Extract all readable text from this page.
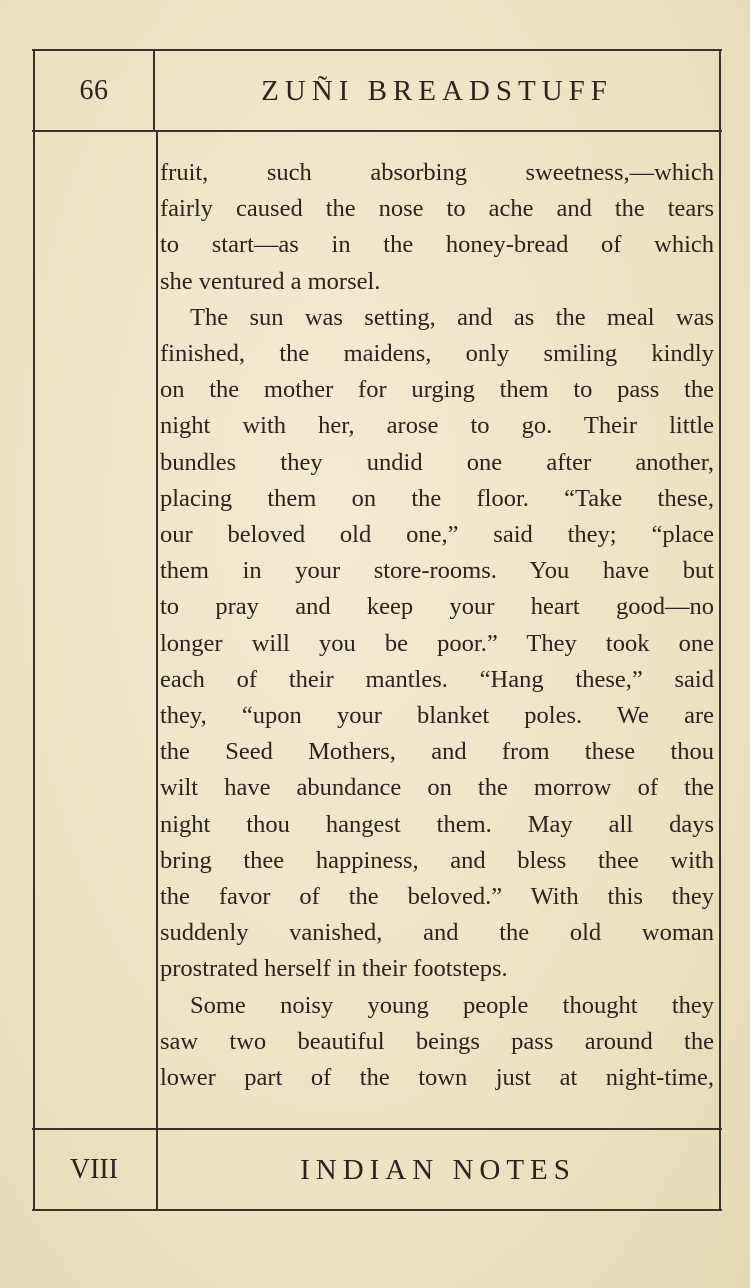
66	ZUÑI BREADSTUFF

fruit, such absorbing sweetness,—which

fairly caused the nose to ache and the tears

to start—as in the honey-bread of which

she ventured a morsel.

The sun was setting, and as the meal was

finished, the maidens, only smiling kindly

on the mother for urging them to pass the

night with her, arose to go. Their little

bundles they undid one after another,

placing them on the floor. “Take these,

our beloved old one,” said they; “place

them in your store-rooms. You have but

to pray and keep your heart good—no

longer will you be poor.” They took one

each of their mantles. “Hang these,” said

they, “upon your blanket poles. We are

the Seed Mothers, and from these thou

wilt have abundance on the morrow of the

night thou hangest them. May all days

bring thee happiness, and bless thee with

the favor of the beloved.” With this they

suddenly vanished, and the old woman

prostrated herself in their footsteps.

Some noisy young people thought they

saw two beautiful beings pass around the

lower part of the town just at night-time,

VIII	INDIAN NOTES
